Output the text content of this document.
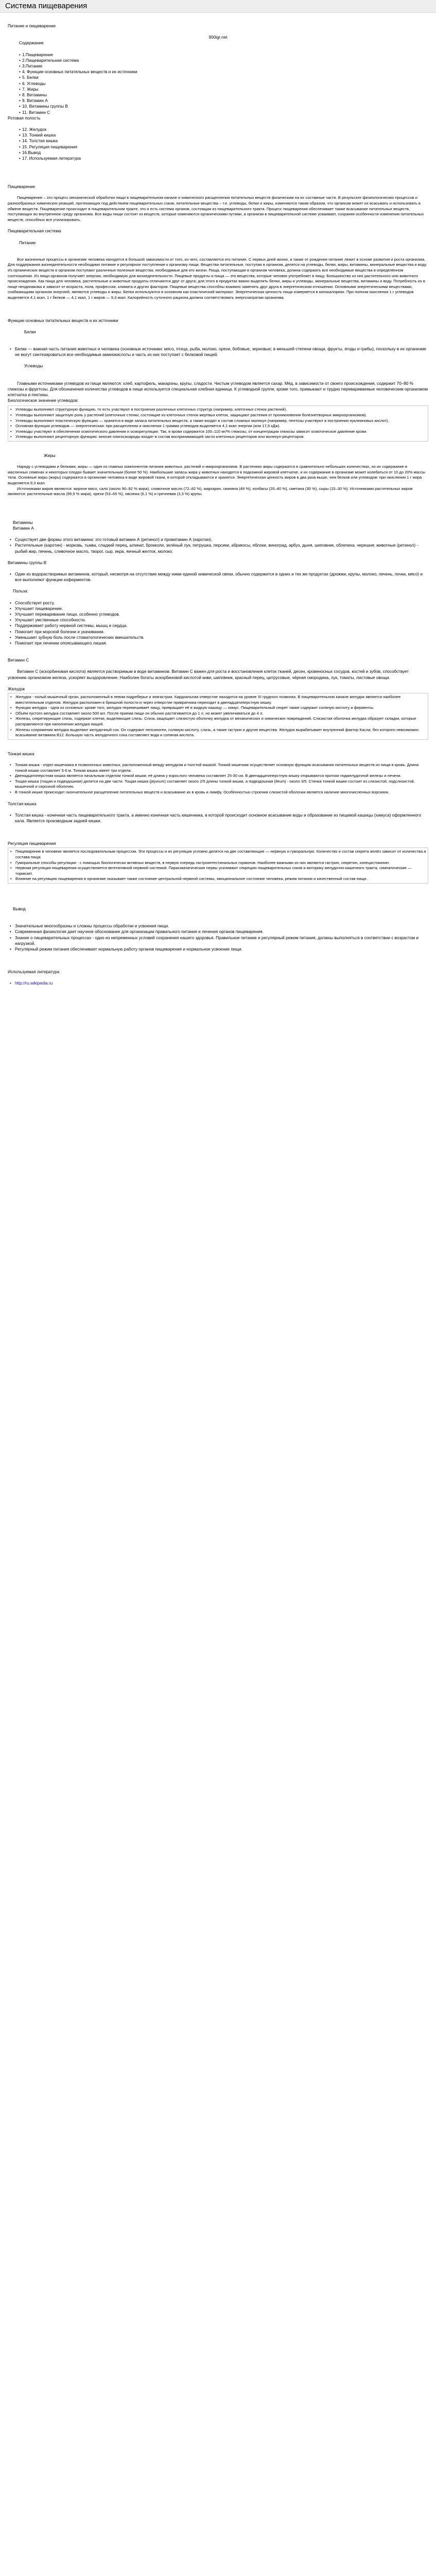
Система пищеварения

Питание и пищеварение

900igr.net

Содержание

• 1.Пищеварение
• 2.Пищеварительная система
• 3.Питание
• 4. Функции основных питательных веществ и их источники
• 5. Белки
• 6. Углеводы
• 7. Жиры
• 8. Витамины
• 9. Витамин А
• 10. Витамины группы В
• 11. Витамин С

Ротовая полость

• 12. Желудок
• 13. Тонкий кишка
• 14. Толстая кишка
• 15. Регуляция пищеварения
• 16.Вывод
• 17. Используемая литература

Пищеварение

Пищеварение – это процесс механической обработки пищи в пищеварительном канале и химического расщепления питательных веществ физическим на их составные части. В результате физиологических процессов и разнообразных химических реакций, протекающих под действием пищеварительных соков, питательные вещества – т.е. углеводы, белки и жиры, изменяются таким образом, что организм может их всасывать и использовать в обмене веществ. Пищеварение происходит в пищеварительном тракте, это и есть система органов, состоящая из пищеварительного тракта. Процесс пищеварения обеспечивает также всасывание питательных веществ, поступающих во внутреннюю среду организма. Все виды пищи состоят из веществ, которые изменяются органическими путями, а организм в пищеварительной системе усваивает, сохраняя особенности изменения питательных веществ, способных все утилизировать.

Пищеварительная система

Питание

Все жизненные процессы в организме человека находятся в большой зависимости от того, из чего, составляется его питание. С первых дней жизни, а также от рождения питание лежит в основе развития и роста организма. Для поддержания жизнедеятельности необходимо питание и регулярное поступление к организму пищи. Вещества питательные, поступая в организм, делятся на углеводы, белки, жиры, витамины, минеральные вещества и воду. Из органических веществ в организм поступают различные полезные вещества, необходимые для его жизни. Пища, поступающая в организм человека, должна содержать все необходимые вещества в определённом соотношении. Из пищи организм получает энергию, необходимую для жизнедеятельности. Пищевые продукты и пища — это вещества, которые человек употребляет в пищу. Большинство из них растительного или животного происхождения. Как пища для человека, растительные и животные продукты отличаются друг от друга; для этого в продуктах важно выделить белки, жиры и углеводы, минеральные вещества, витамины и воду. Потребность их в пище неодинакова и зависит от возраста, пола, профессии, климата и других факторов. Пищевые вещества способны взаимно заменять друг друга в энергетическом отношении. Основными энергетическими веществами, снабжающими организм энергией, являются углеводы и жиры. Белки используются в основном как пластический материал. Энергетическая ценность пищи измеряется в килокалориях. При полном окислении 1 г углеводов выделяется 4,1 ккал, 1 г белков — 4,1 ккал, 1 г жиров — 9,3 ккал. Калорийность суточного рациона должна соответствовать энергозатратам организма.

Функции основных питательных веществ и их источники

Белки

• Белки — важная часть питания животных и человека (основные источники: мясо, птица, рыба, молоко, орехи, бобовые, зерновые; в меньшей степени овощи, фрукты, ягоды и грибы), поскольку в их организме не могут синтезироваться все необходимые аминокислоты и часть из них поступает с белковой пищей.

Углеводы

Главными источниками углеводов из пищи являются: хлеб, картофель, макароны, крупы, сладости. Чистым углеводом является сахар. Мёд, в зависимости от своего происхождения, содержит 70–80 % глюкозы и фруктозы. Для обозначения количества углеводов в пище используется специальная хлебная единица. К углеводной группе, кроме того, примыкают и трудно перевариваемые человеческим организмом клетчатка и пектины.

Биологическое значение углеводов:

• Углеводы выполняют структурную функцию, то есть участвуют в построении различных клеточных структур (например, клеточных стенок растений).
• Углеводы выполняют защитную роль у растений (клеточные стенки, состоящие из клеточных стенок мертвых клеток, защищают растения от проникновения болезнетворных микроорганизмов).
• Углеводы выполняют пластическую функцию — хранятся в виде запаса питательных веществ, а также входят в состав сложных молекул (например, пентозы участвуют в построении нуклеиновых кислот).
• Основная функция углеводов — энергетическая: при расщеплении и окислении 1 грамма углеводов выделяется 4,1 ккал энергии (или 17,6 кДж).
• Углеводы участвуют в обеспечении осмотического давления и осморегуляции. Так, в крови содержится 100–110 мг/% глюкозы, от концентрации глюкозы зависит осмотическое давление крови.
• Углеводы выполняют рецепторную функцию: многие олигосахариды входят в состав воспринимающей части клеточных рецепторов или молекул-рецепторов.

Жиры

Наряду с углеводами и белками, жиры — один из главных компонентов питания животных, растений и микроорганизмов. В растениях жиры содержатся в сравнительно небольших количествах, но их содержание в масличных семенах и некоторых плодах бывает значительным (более 50 %). Наибольшие запасы жира у животных находятся в подкожной жировой клетчатке, и их содержание в организме может колебаться от 10 до 20% массы тела. Основные жиры (жиры) содержатся в организме человека в виде жировой ткани, в которой откладываются и хранятся. Энергетическая ценность жиров в два раза выше, чем белков или углеводов: при окислении 1 г жира выделяется 9,3 ккал.

Источниками жиров являются: жирное мясо, сало (около 90–92 % жира), сливочное масло (72–82 %), маргарин, свинина (49 %), колбасы (20–40 %), сметана (30 %), сыры (15–30 %). Источниками растительных жиров являются: растительные масла (99,9 % жира), орехи (53–65 %), овсянка (6,1 %) и гречневая (3,3 %) крупы.

Витамины

Витамин А

• Существует две формы этого витамина: это готовый витамин А (ретинол) и провитамин А (каротин).
• Растительные (каротин) - морковь, тыква, сладкий перец, шпинат, брокколи, зелёный лук, петрушка, персики, абрикосы, яблоки, виноград, арбуз, дыня, шиповник, облепиха, черешня; животные (ретинол) - рыбий жир, печень, сливочное масло, творог, сыр, икра, яичный желток, молоко.

Витамины группы В

• Один из водорастворимых витаминов, который, несмотря на отсутствие между ними единой химической связи, обычно содержится в одних и тех же продуктах (дрожжи, крупы, молоко, печень, почки, мясо) и все выполняют функции коферментов.

Польза:

• Способствует росту.
• Улучшает пищеварение.
• Улучшает переваривание пищи, особенно углеводов.
• Улучшает умственные способности.
• Поддерживает работу нервной системы, мышц и сердца.
• Помогает при морской болезни и укачивании.
• Уменьшает зубную боль после стоматологических вмешательств.
• Помогает при лечении опоясывающего лишая.

Витамин С

Витамин С (аскорбиновая кислота) является растворимым в воде витамином. Витамин С важен для роста и восстановления клеток тканей, десен, кровеносных сосудов, костей и зубов, способствует усвоению организмом железа, ускоряет выздоровление. Наиболее богаты аскорбиновой кислотой киви, шиповник, красный перец, цитрусовые, чёрная смородина, лук, томаты, листовые овощи.

Желудок

• Желудок - полый мышечный орган, расположенный в левом подреберье и эпигастрии. Кардиальная отверстие находится на уровне XI грудного позвонка. В пищеварительном канале желудок является наиболее вместительным отделом. Желудок расположен в брюшной полости и через отверстие привратника переходит в двенадцатиперстную кишку.
• Функции желудка - одна из основных: кроме того, желудок перемешивает пищу, превращает её в жидкую кашицу — химус. Пищеварительный секрет также содержит соляную кислоту и ферменты.
• Объём пустого желудка составляет около 500 мл. После приема пищи он обычно растягивается до 1 л, но может увеличиваться до 4 л.
• Железы, секретирующие слизь, содержат клетки, выделяющие слизь. Слизь защищает слизистую оболочку желудка от механических и химических повреждений. Слизистая оболочка желудка образует складки, которые расправляются при наполнении желудка пищей.
• Железы сопряжения желудка выделяют желудочный сок. Он содержит пепсиноген, соляную кислоту, слизь, а также гастрин и другие вещества. Желудок вырабатывает внутренний фактор Касла, без которого невозможно всасывание витамина В12. Большую часть желудочного сока составляют вода и соляная кислота.

Тонкая кишка

• Тонкая кишка - отдел кишечника в позвоночных животных, расположенный между желудком и толстой кишкой. Тонкий кишечник осуществляет основную функцию всасывания питательных веществ из пищи в кровь. Длина тонкой кишки составляет 5-6 м. Тонкая кишка имеет три отдела.
• Двенадцатиперстная кишка является начальным отделом тонкой кишки; её длина у взрослого человека составляет 25-30 см. В двенадцатиперстную кишку открываются протоки поджелудочной железы и печени.
• Тощая кишка (тощая и подвздошная) делятся на две части. Тощая кишка (jejunum) составляет около 2/5 длины тонкой кишки, а подвздошная (ileum) - около 3/5. Стенка тонкой кишки состоит из слизистой, подслизистой, мышечной и серозной оболочек.
• В тонкой кишке происходит окончательное расщепление питательных веществ и всасывание их в кровь и лимфу. Особенностью строения слизистой оболочки является наличие многочисленных ворсинок.

Толстая кишка

• Толстая кишка - конечная часть пищеварительного тракта, а именно конечная часть кишечника, в которой происходит основное всасывание воды и образование из пищевой кашицы (химуса) оформленного кала. Является производным задней кишки.

Регуляция пищеварения

• Пищеварение в человеке является последовательным процессом. Эти процессы и их регуляция условно делятся на две составляющие — нервную и гуморальную. Количество и состав секрета желёз зависит от количества и состава пищи.
• Гуморальные способы регуляции - с помощью биологически активных веществ, в первую очередь гастроинтестинальных гормонов. Наиболее важными из них являются гастрин, секретин, холецистокинин.
• Нервная регуляция пищеварения осуществляется вегетативной нервной системой. Парасимпатические нервы усиливают секрецию пищеварительных соков и моторику желудочно-кишечного тракта, симпатические — тормозят.
• Влияние на регуляцию пищеварения в организме оказывает также состояние центральной нервной системы, эмоциональное состояние человека, режим питания и качественный состав пищи.

Вывод

• Значительные многообразны и сложны процессы обработки и усвоения пищи.
• Современная физиология дает научное обоснование для организации правильного питания и лечения органов пищеварения.
• Знание о пищеварительных процессах - одно из непременных условий сохранения нашего здоровья. Правильное питание и регулярный режим питания, должны выполняться в соответствии с возрастом и нагрузкой.
• Регулярный режим питания обеспечивает нормальную работу органов пищеварения и нормальное усвоение пищи.

Используемая литература

• http://ru.wikipedia.ru
